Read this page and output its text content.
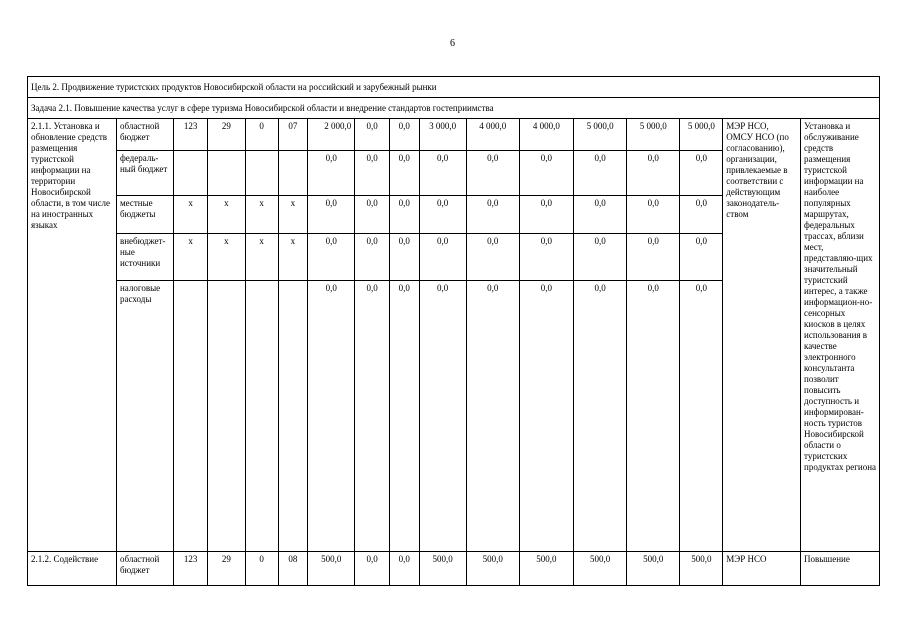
6
Цель 2. Продвижение туристских продуктов Новосибирской области на российский и зарубежный рынки																
Задача 2.1. Повышение качества услуг в сфере туризма Новосибирской области и внедрение стандартов гостеприимства																
2.1.1. Установка и обновление средств размещения туристской информации на территории Новосибирской области, в том числе на иностранных языках	областной бюджет	123	29	0	07	2 000,0	0,0	0,0	3 000,0	4 000,0	4 000,0	5 000,0	5 000,0	5 000,0	МЭР НСО, ОМСУ НСО (по согласованию), организации, привлекаемые в соответствии с действующим законодатель-ством	Установка и обслуживание средств размещения туристской информации на наиболее популярных маршрутах, федеральных трассах, вблизи мест, представляю-щих значительный туристский интерес, а также информацион-но-сенсорных киосков в целях использования в качестве электронного консультанта позволит повысить доступность и информирован-ность туристов Новосибирской области о туристских продуктах региона
	федераль-ный бюджет					0,0	0,0	0,0	0,0	0,0	0,0	0,0	0,0	0,0		
	местные бюджеты	x	x	x	x	0,0	0,0	0,0	0,0	0,0	0,0	0,0	0,0	0,0		
	внебюджет-ные источники	x	x	x	x	0,0	0,0	0,0	0,0	0,0	0,0	0,0	0,0	0,0		
	налоговые расходы					0,0	0,0	0,0	0,0	0,0	0,0	0,0	0,0	0,0		
2.1.2. Содействие	областной бюджет	123	29	0	08	500,0	0,0	0,0	500,0	500,0	500,0	500,0	500,0	500,0	МЭР НСО	Повышение
